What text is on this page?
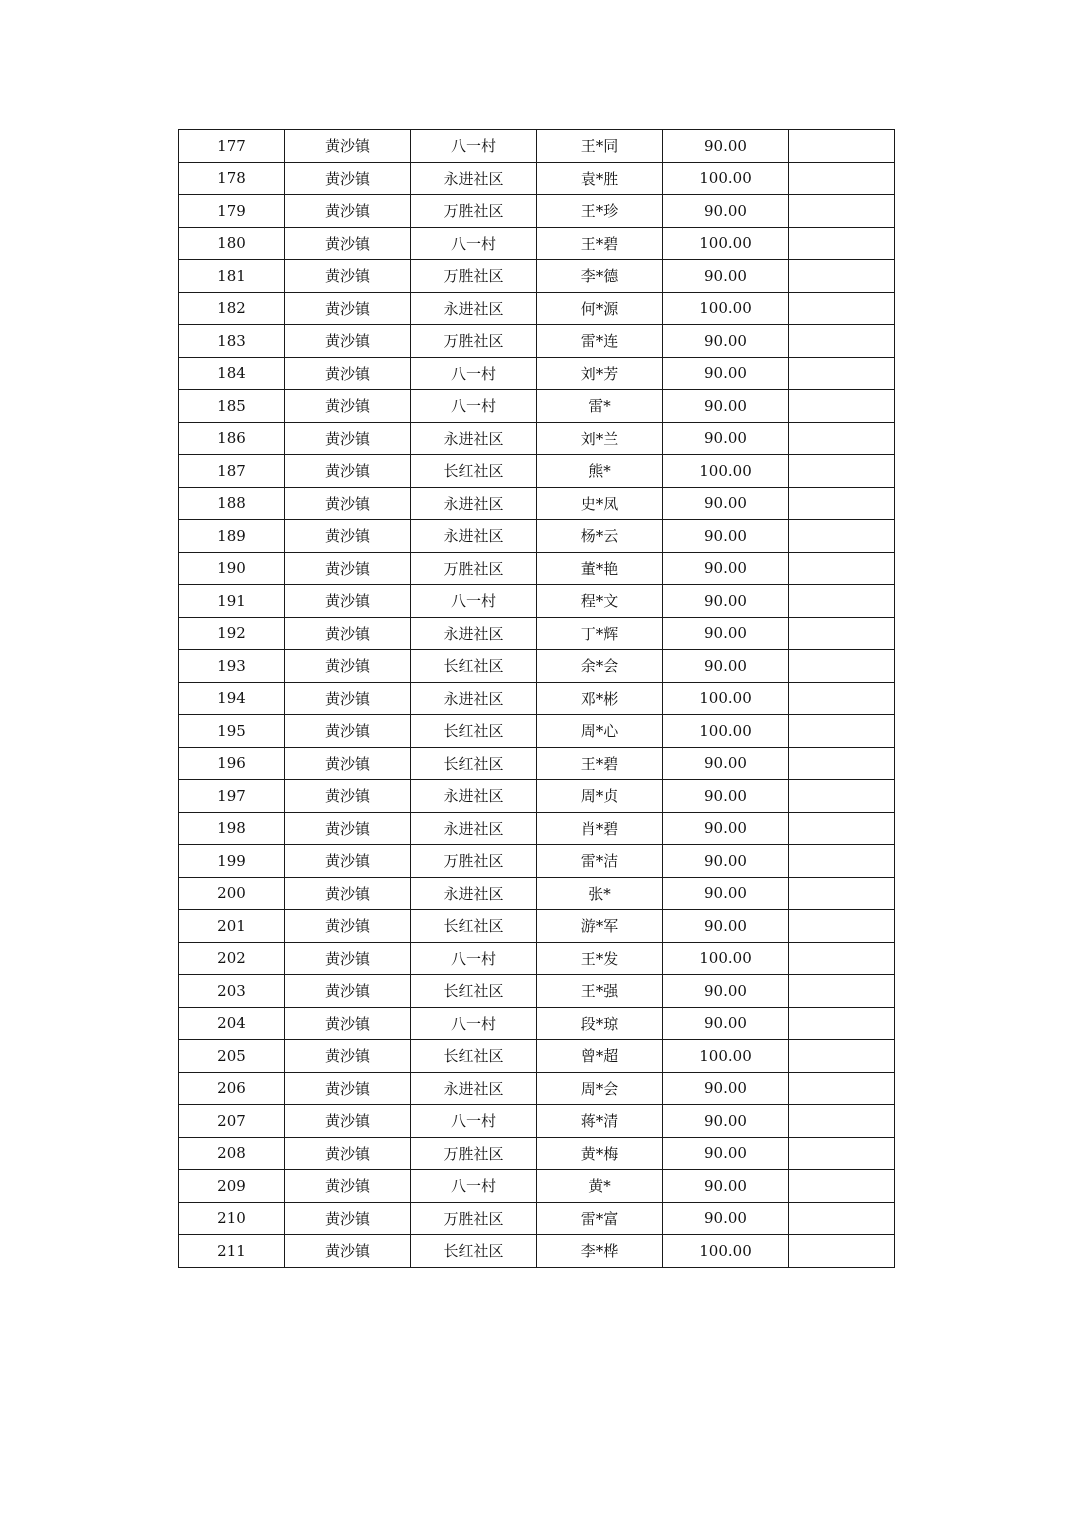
177	黄沙镇	八一村	王*同	90.00	
178	黄沙镇	永进社区	袁*胜	100.00	
179	黄沙镇	万胜社区	王*珍	90.00	
180	黄沙镇	八一村	王*碧	100.00	
181	黄沙镇	万胜社区	李*德	90.00	
182	黄沙镇	永进社区	何*源	100.00	
183	黄沙镇	万胜社区	雷*连	90.00	
184	黄沙镇	八一村	刘*芳	90.00	
185	黄沙镇	八一村	雷*	90.00	
186	黄沙镇	永进社区	刘*兰	90.00	
187	黄沙镇	长红社区	熊*	100.00	
188	黄沙镇	永进社区	史*凤	90.00	
189	黄沙镇	永进社区	杨*云	90.00	
190	黄沙镇	万胜社区	董*艳	90.00	
191	黄沙镇	八一村	程*文	90.00	
192	黄沙镇	永进社区	丁*辉	90.00	
193	黄沙镇	长红社区	余*会	90.00	
194	黄沙镇	永进社区	邓*彬	100.00	
195	黄沙镇	长红社区	周*心	100.00	
196	黄沙镇	长红社区	王*碧	90.00	
197	黄沙镇	永进社区	周*贞	90.00	
198	黄沙镇	永进社区	肖*碧	90.00	
199	黄沙镇	万胜社区	雷*洁	90.00	
200	黄沙镇	永进社区	张*	90.00	
201	黄沙镇	长红社区	游*军	90.00	
202	黄沙镇	八一村	王*发	100.00	
203	黄沙镇	长红社区	王*强	90.00	
204	黄沙镇	八一村	段*琼	90.00	
205	黄沙镇	长红社区	曾*超	100.00	
206	黄沙镇	永进社区	周*会	90.00	
207	黄沙镇	八一村	蒋*清	90.00	
208	黄沙镇	万胜社区	黄*梅	90.00	
209	黄沙镇	八一村	黄*	90.00	
210	黄沙镇	万胜社区	雷*富	90.00	
211	黄沙镇	长红社区	李*桦	100.00	
